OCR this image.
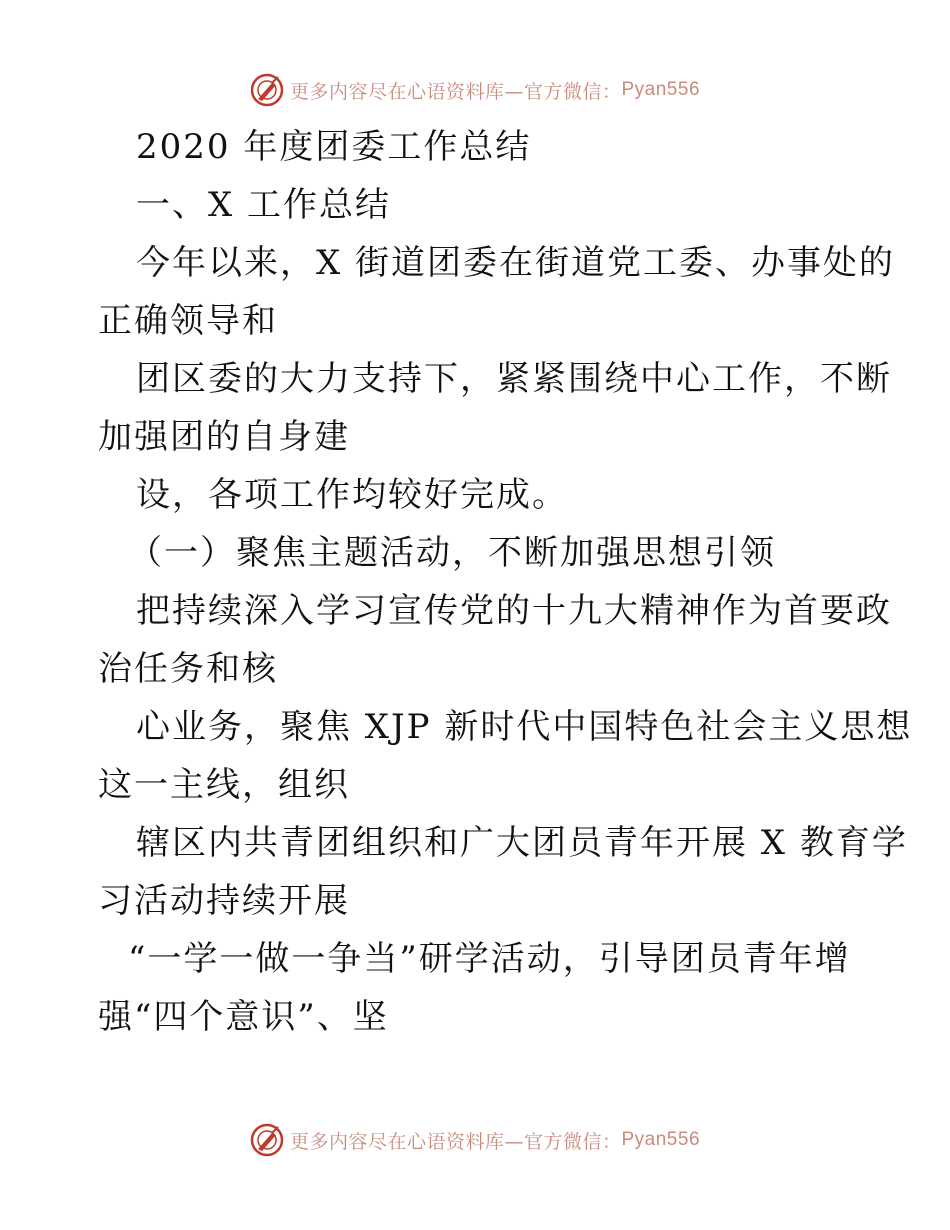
更多内容尽在心语资料库—官方微信： Pyan556
2020 年度团委工作总结
一、X 工作总结
今年以来，X 街道团委在街道党工委、办事处的
正确领导和
团区委的大力支持下，紧紧围绕中心工作，不断
加强团的自身建
设，各项工作均较好完成。
（一）聚焦主题活动，不断加强思想引领
把持续深入学习宣传党的十九大精神作为首要政
治任务和核
心业务，聚焦 XJP 新时代中国特色社会主义思想
这一主线，组织
辖区内共青团组织和广大团员青年开展 X 教育学
习活动持续开展
“一学一做一争当”研学活动，引导团员青年增
强“四个意识”、坚
更多内容尽在心语资料库—官方微信： Pyan556
